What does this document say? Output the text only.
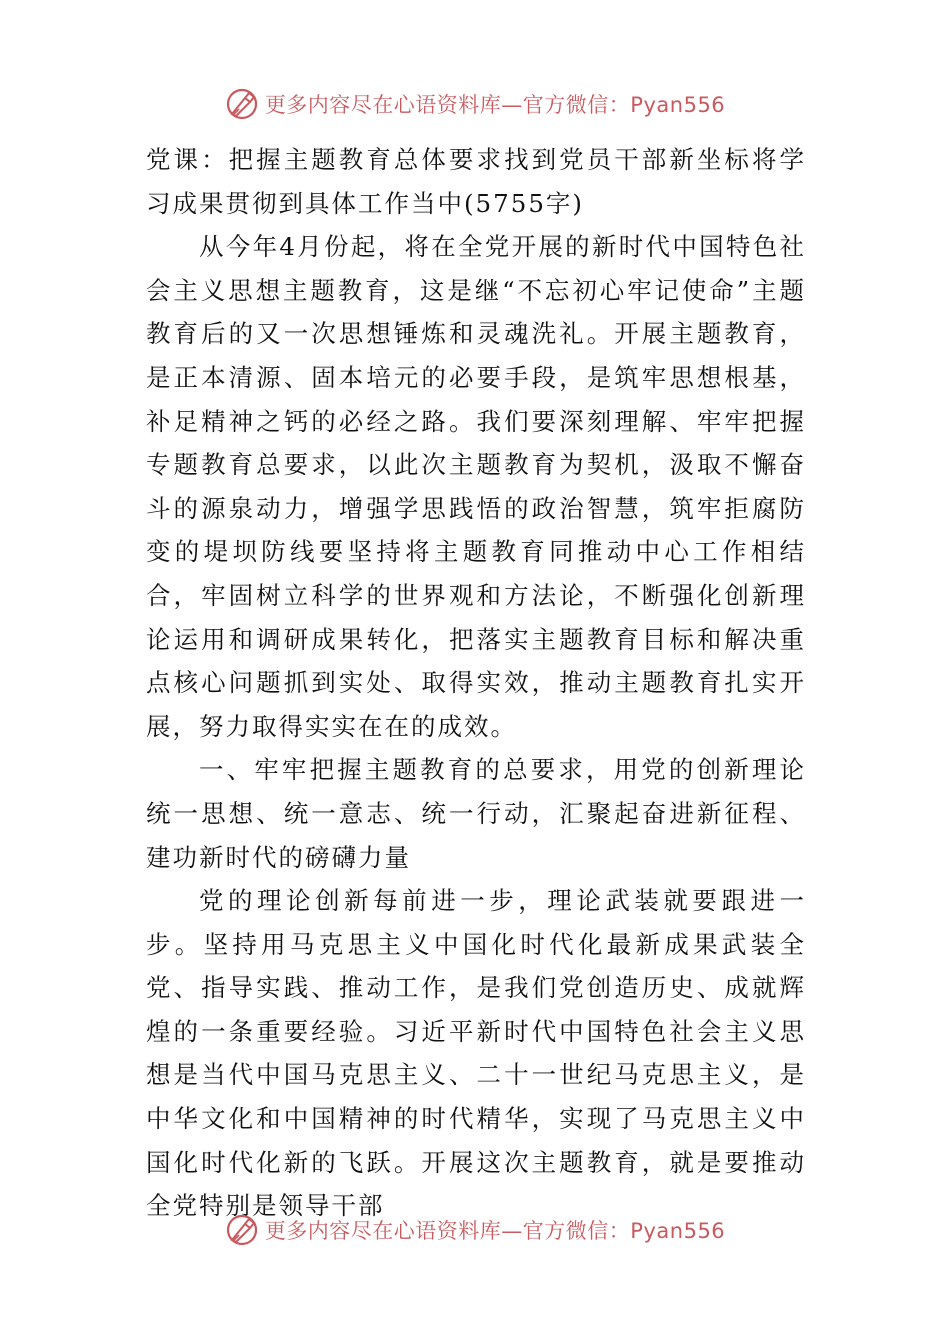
更多内容尽在心语资料库—官方微信：Pyan556

党课：把握主题教育总体要求找到党员干部新坐标将学习成果贯彻到具体工作当中(5755字)

从今年4月份起，将在全党开展的新时代中国特色社会主义思想主题教育，这是继“不忘初心牢记使命”主题教育后的又一次思想锤炼和灵魂洗礼。开展主题教育，是正本清源、固本培元的必要手段，是筑牢思想根基，补足精神之钙的必经之路。我们要深刻理解、牢牢把握专题教育总要求，以此次主题教育为契机，汲取不懈奋斗的源泉动力，增强学思践悟的政治智慧，筑牢拒腐防变的堤坝防线要坚持将主题教育同推动中心工作相结合，牢固树立科学的世界观和方法论，不断强化创新理论运用和调研成果转化，把落实主题教育目标和解决重点核心问题抓到实处、取得实效，推动主题教育扎实开展，努力取得实实在在的成效。

一、牢牢把握主题教育的总要求，用党的创新理论统一思想、统一意志、统一行动，汇聚起奋进新征程、建功新时代的磅礴力量

党的理论创新每前进一步，理论武装就要跟进一步。坚持用马克思主义中国化时代化最新成果武装全党、指导实践、推动工作，是我们党创造历史、成就辉煌的一条重要经验。习近平新时代中国特色社会主义思想是当代中国马克思主义、二十一世纪马克思主义，是中华文化和中国精神的时代精华，实现了马克思主义中国化时代化新的飞跃。开展这次主题教育，就是要推动全党特别是领导干部

更多内容尽在心语资料库—官方微信：Pyan556
